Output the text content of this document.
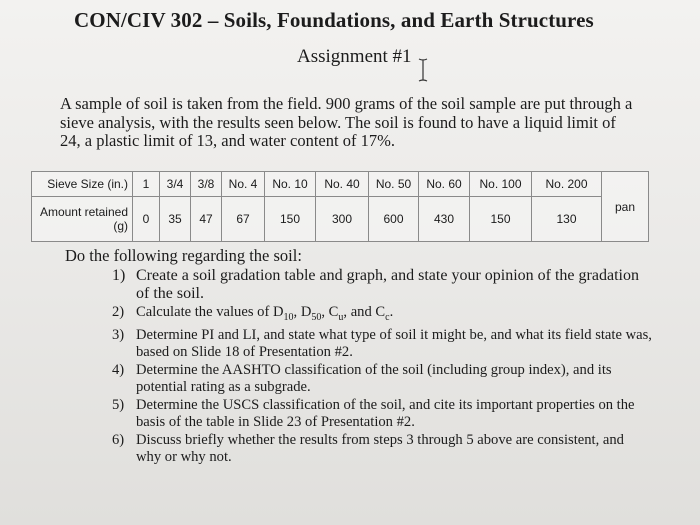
CON/CIV 302 – Soils, Foundations, and Earth Structures
Assignment #1
A sample of soil is taken from the field. 900 grams of the soil sample are put through a sieve analysis, with the results seen below. The soil is found to have a liquid limit of 24, a plastic limit of 13, and water content of 17%.
Sieve Size (in.)	1	3/4	3/8	No. 4	No. 10	No. 40	No. 50	No. 60	No. 100	No. 200	pan
Amount retained (g)	0	35	47	67	150	300	600	430	150	130	
Do the following regarding the soil:
1) Create a soil gradation table and graph, and state your opinion of the gradation of the soil.
2) Calculate the values of $D_{10}$, $D_{50}$, $C_u$, and $C_c$.
3) Determine PI and LI, and state what type of soil it might be, and what its field state was, based on Slide 18 of Presentation #2.
4) Determine the AASHTO classification of the soil (including group index), and its potential rating as a subgrade.
5) Determine the USCS classification of the soil, and cite its important properties on the basis of the table in Slide 23 of Presentation #2.
6) Discuss briefly whether the results from steps 3 through 5 above are consistent, and why or why not.
